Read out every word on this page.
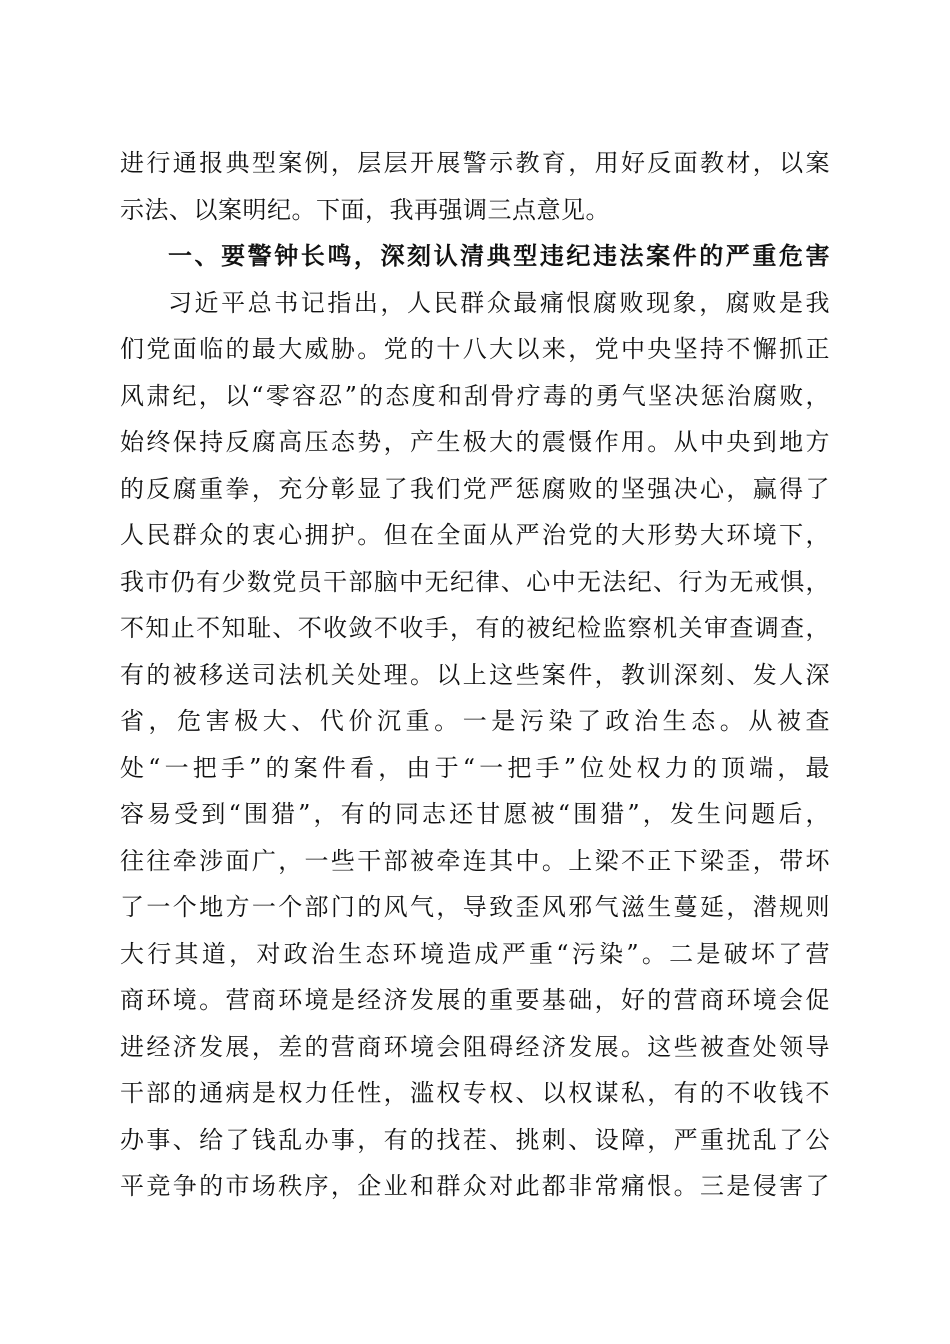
进行通报典型案例，层层开展警示教育，用好反面教材，以案
示法、以案明纪。下面，我再强调三点意见。
一、要警钟长鸣，深刻认清典型违纪违法案件的严重危害
习近平总书记指出，人民群众最痛恨腐败现象，腐败是我
们党面临的最大威胁。党的十八大以来，党中央坚持不懈抓正
风肃纪，以“零容忍”的态度和刮骨疗毒的勇气坚决惩治腐败，
始终保持反腐高压态势，产生极大的震慑作用。从中央到地方
的反腐重拳，充分彰显了我们党严惩腐败的坚强决心，赢得了
人民群众的衷心拥护。但在全面从严治党的大形势大环境下，
我市仍有少数党员干部脑中无纪律、心中无法纪、行为无戒惧，
不知止不知耻、不收敛不收手，有的被纪检监察机关审查调查，
有的被移送司法机关处理。以上这些案件，教训深刻、发人深
省，危害极大、代价沉重。一是污染了政治生态。从被查
处“一把手”的案件看，由于“一把手”位处权力的顶端，最
容易受到“围猎”，有的同志还甘愿被“围猎”，发生问题后，
往往牵涉面广，一些干部被牵连其中。上梁不正下梁歪，带坏
了一个地方一个部门的风气，导致歪风邪气滋生蔓延，潜规则
大行其道，对政治生态环境造成严重“污染”。二是破坏了营
商环境。营商环境是经济发展的重要基础，好的营商环境会促
进经济发展，差的营商环境会阻碍经济发展。这些被查处领导
干部的通病是权力任性，滥权专权、以权谋私，有的不收钱不
办事、给了钱乱办事，有的找茬、挑刺、设障，严重扰乱了公
平竞争的市场秩序，企业和群众对此都非常痛恨。三是侵害了
